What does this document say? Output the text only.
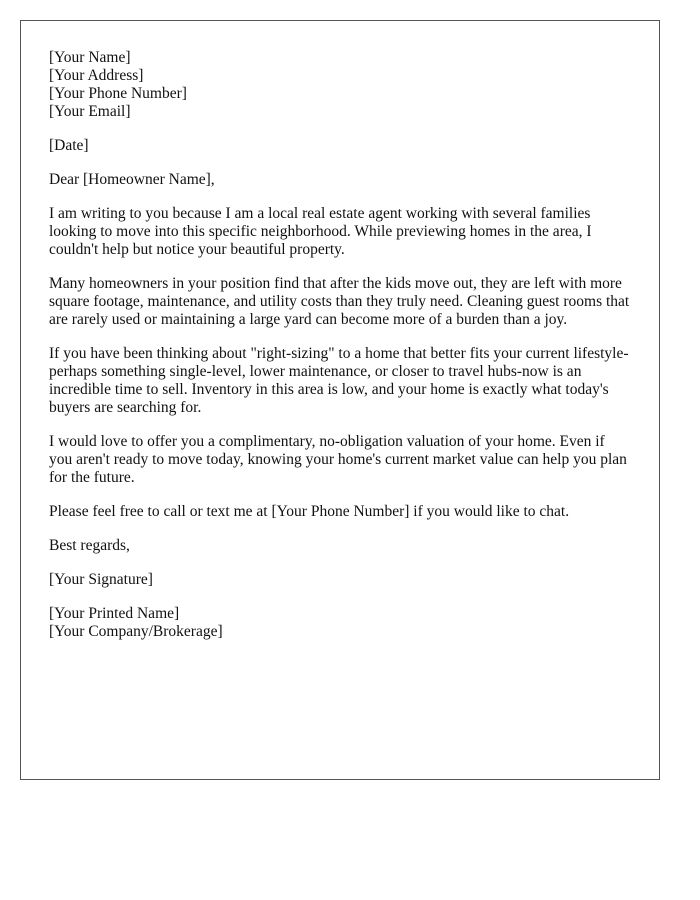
[Your Name]
[Your Address]
[Your Phone Number]
[Your Email]
[Date]
Dear [Homeowner Name],

I am writing to you because I am a local real estate agent working with several families looking to move into this specific neighborhood. While previewing homes in the area, I couldn't help but notice your beautiful property.

Many homeowners in your position find that after the kids move out, they are left with more square footage, maintenance, and utility costs than they truly need. Cleaning guest rooms that are rarely used or maintaining a large yard can become more of a burden than a joy.

If you have been thinking about "right-sizing" to a home that better fits your current lifestyle-perhaps something single-level, lower maintenance, or closer to travel hubs-now is an incredible time to sell. Inventory in this area is low, and your home is exactly what today's buyers are searching for.

I would love to offer you a complimentary, no-obligation valuation of your home. Even if you aren't ready to move today, knowing your home's current market value can help you plan for the future.

Please feel free to call or text me at [Your Phone Number] if you would like to chat.

Best regards,
[Your Signature]
[Your Printed Name]
[Your Company/Brokerage]
